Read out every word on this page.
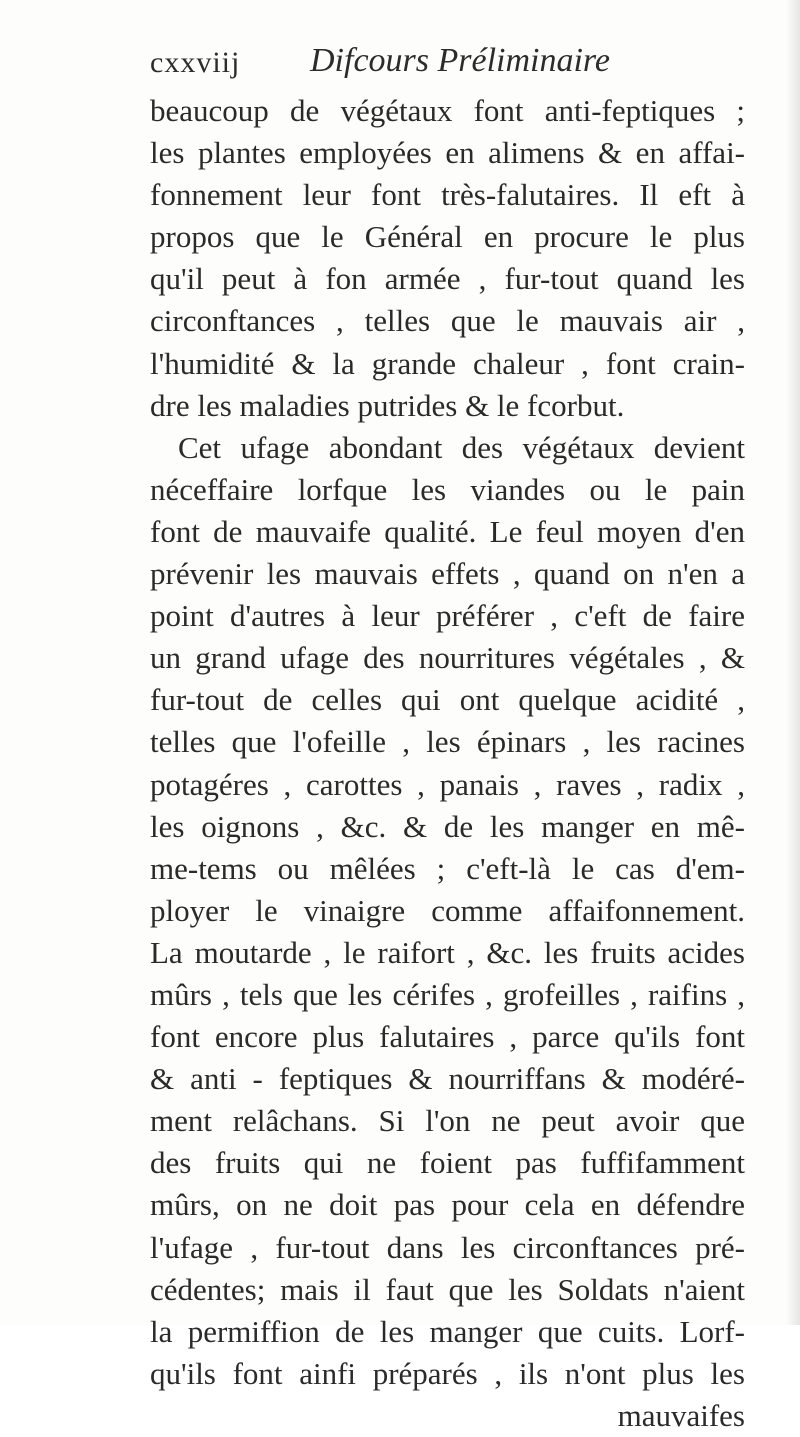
cxxviij Difcours Préliminaire
beaucoup de végétaux font anti-feptiques ;
les plantes employées en alimens & en affai-
fonnement leur font très-falutaires. Il eft à
propos que le Général en procure le plus
qu'il peut à fon armée , fur-tout quand les
circonftances , telles que le mauvais air ,
l'humidité & la grande chaleur , font crain-
dre les maladies putrides & le fcorbut.
Cet ufage abondant des végétaux devient
néceffaire lorfque les viandes ou le pain
font de mauvaife qualité. Le feul moyen d'en
prévenir les mauvais effets , quand on n'en a
point d'autres à leur préférer , c'eft de faire
un grand ufage des nourritures végétales , &
fur-tout de celles qui ont quelque acidité ,
telles que l'ofeille , les épinars , les racines
potagéres , carottes , panais , raves , radix ,
les oignons , &c. & de les manger en mê-
me-tems ou mêlées ; c'eft-là le cas d'em-
ployer le vinaigre comme affaifonnement.
La moutarde , le raifort , &c. les fruits acides
mûrs , tels que les cérifes , grofeilles , raifins ,
font encore plus falutaires , parce qu'ils font
& anti - feptiques & nourriffans & modéré-
ment relâchans. Si l'on ne peut avoir que
des fruits qui ne foient pas fuffifamment
mûrs, on ne doit pas pour cela en défendre
l'ufage , fur-tout dans les circonftances pré-
cédentes; mais il faut que les Soldats n'aient
la permiffion de les manger que cuits. Lorf-
qu'ils font ainfi préparés , ils n'ont plus les
mauvaifes
